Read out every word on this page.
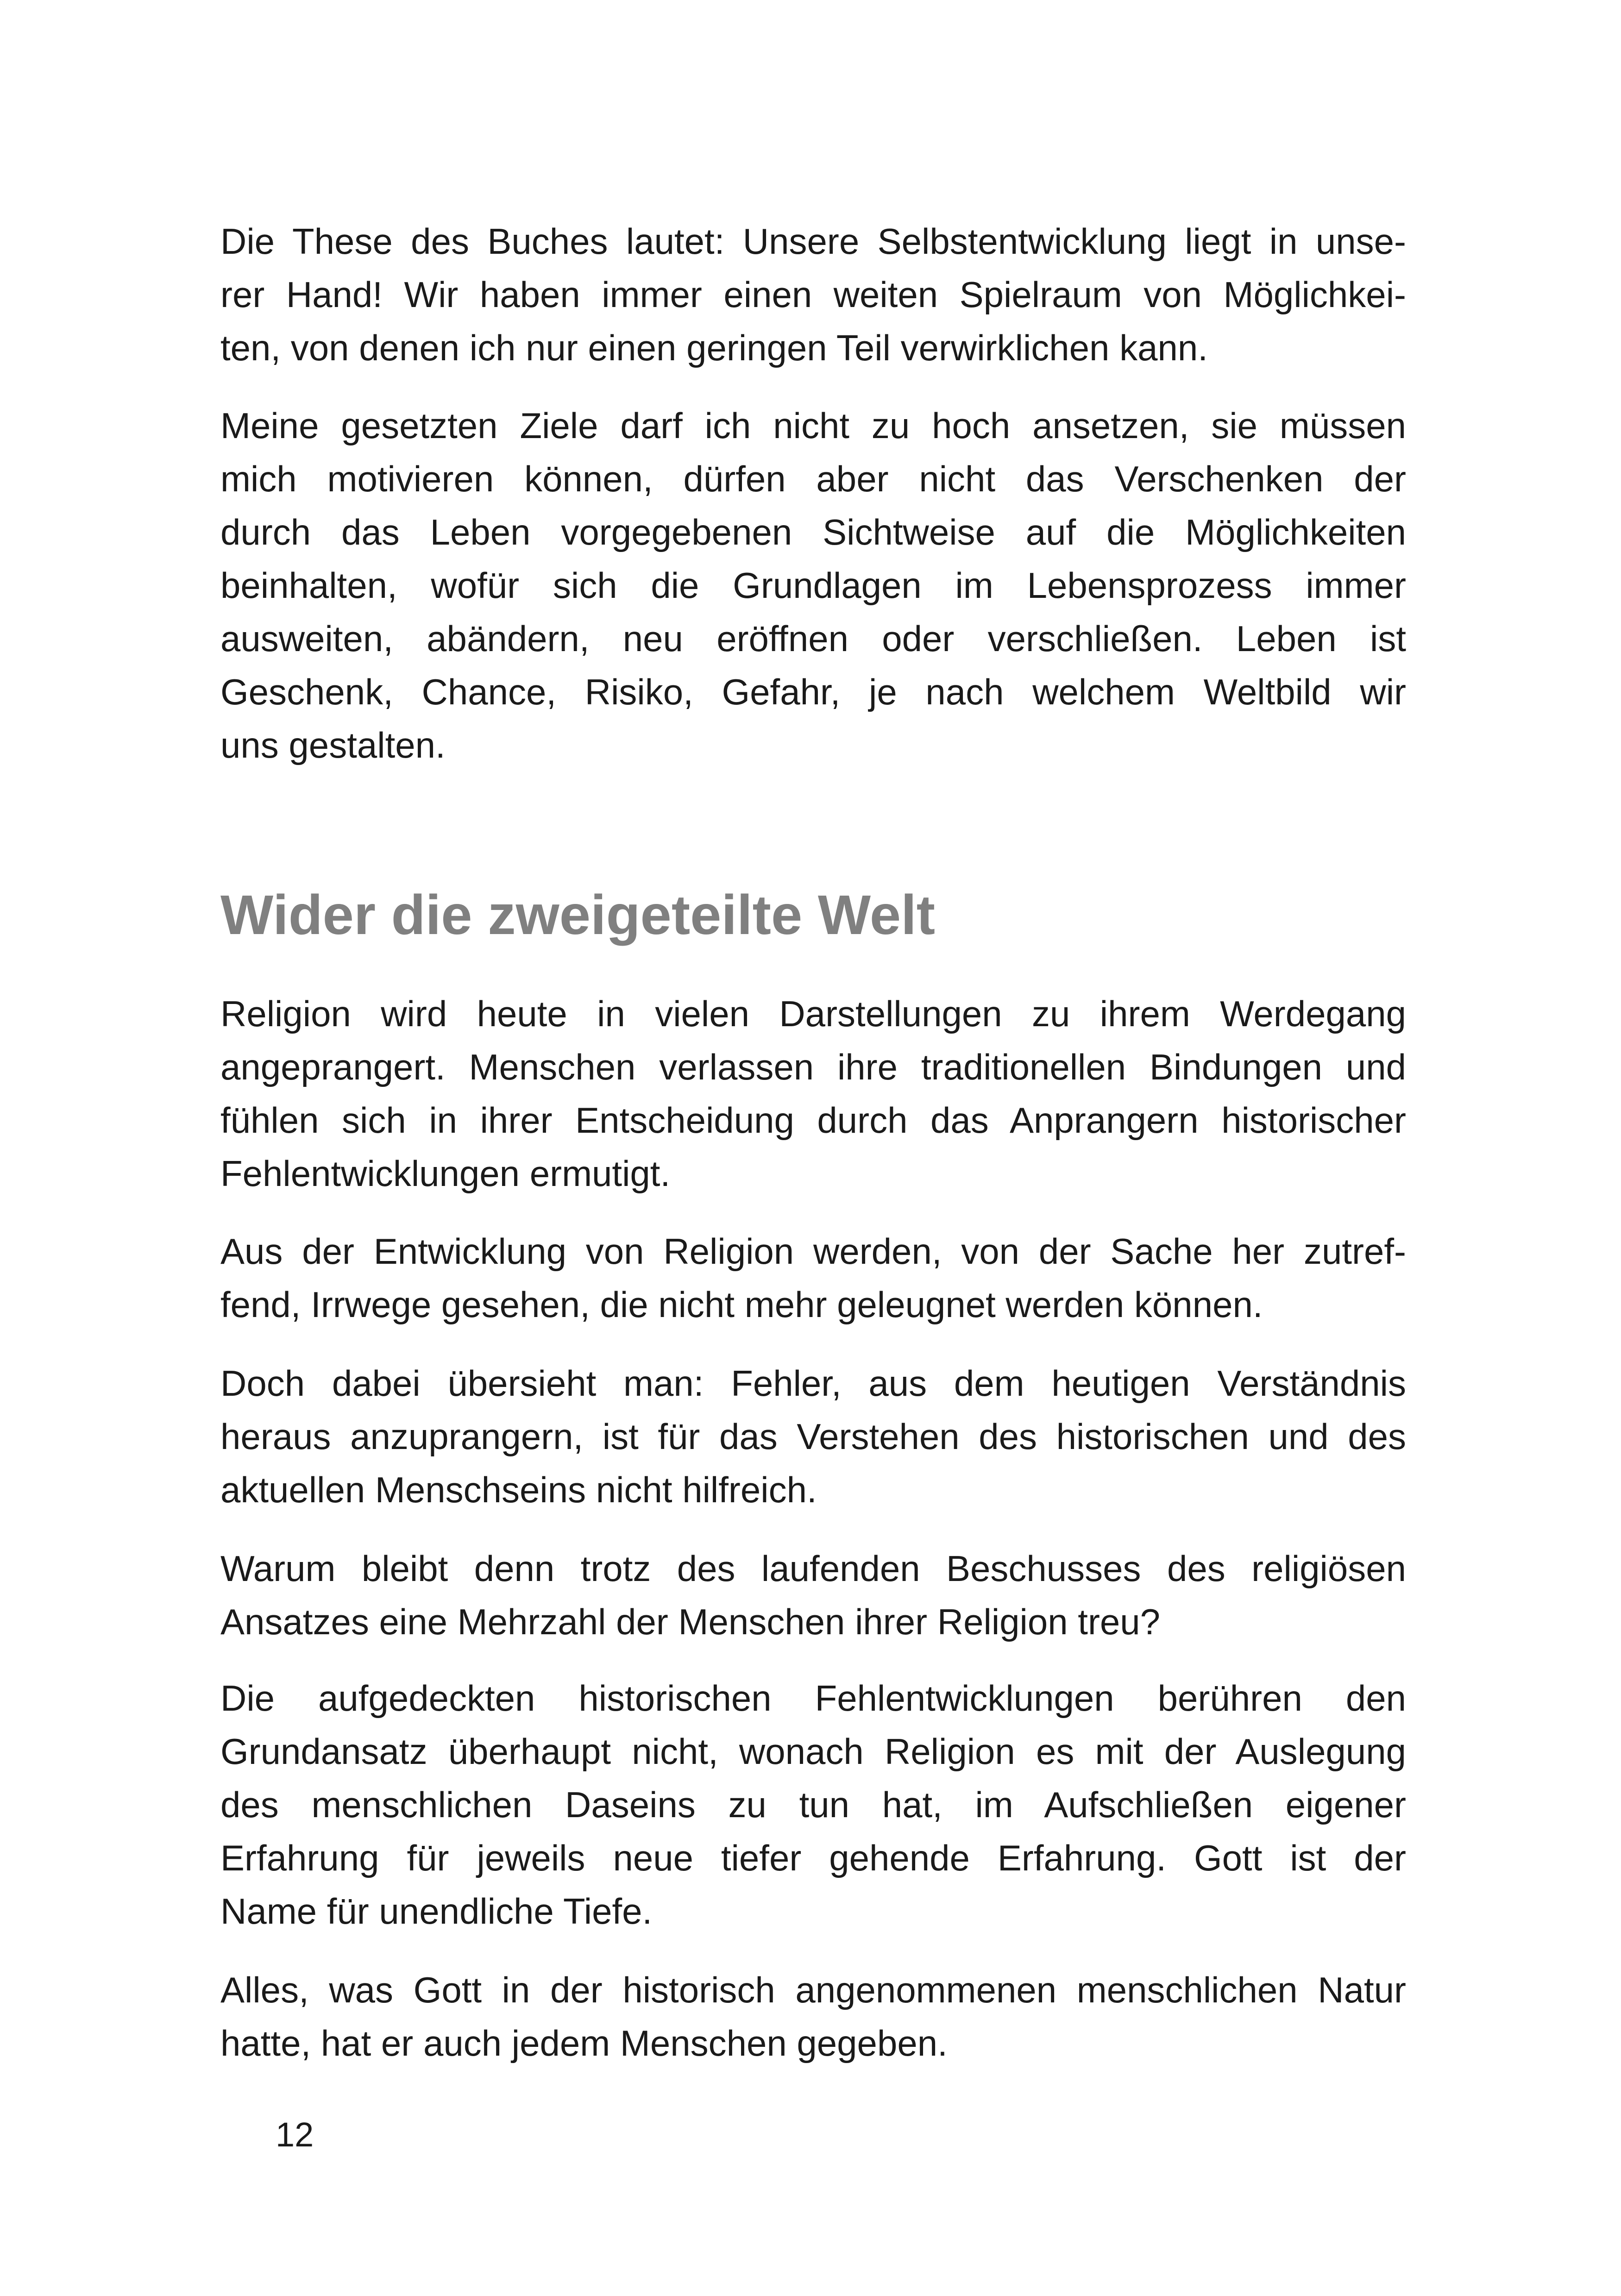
Die These des Buches lautet: Unsere Selbstentwicklung liegt in unse-
rer Hand! Wir haben immer einen weiten Spielraum von Möglichkei-
ten, von denen ich nur einen geringen Teil verwirklichen kann.

Meine gesetzten Ziele darf ich nicht zu hoch ansetzen, sie müssen
mich motivieren können, dürfen aber nicht das Verschenken der
durch das Leben vorgegebenen Sichtweise auf die Möglichkeiten
beinhalten, wofür sich die Grundlagen im Lebensprozess immer
ausweiten, abändern, neu eröffnen oder verschließen. Leben ist
Geschenk, Chance, Risiko, Gefahr, je nach welchem Weltbild wir
uns gestalten.

Wider die zweigeteilte Welt

Religion wird heute in vielen Darstellungen zu ihrem Werdegang
angeprangert. Menschen verlassen ihre traditionellen Bindungen und
fühlen sich in ihrer Entscheidung durch das Anprangern historischer
Fehlentwicklungen ermutigt.

Aus der Entwicklung von Religion werden, von der Sache her zutref-
fend, Irrwege gesehen, die nicht mehr geleugnet werden können.

Doch dabei übersieht man: Fehler, aus dem heutigen Verständnis
heraus anzuprangern, ist für das Verstehen des historischen und des
aktuellen Menschseins nicht hilfreich.

Warum bleibt denn trotz des laufenden Beschusses des religiösen
Ansatzes eine Mehrzahl der Menschen ihrer Religion treu?

Die aufgedeckten historischen Fehlentwicklungen berühren den
Grundansatz überhaupt nicht, wonach Religion es mit der Auslegung
des menschlichen Daseins zu tun hat, im Aufschließen eigener
Erfahrung für jeweils neue tiefer gehende Erfahrung. Gott ist der
Name für unendliche Tiefe.

Alles, was Gott in der historisch angenommenen menschlichen Natur
hatte, hat er auch jedem Menschen gegeben.

12
